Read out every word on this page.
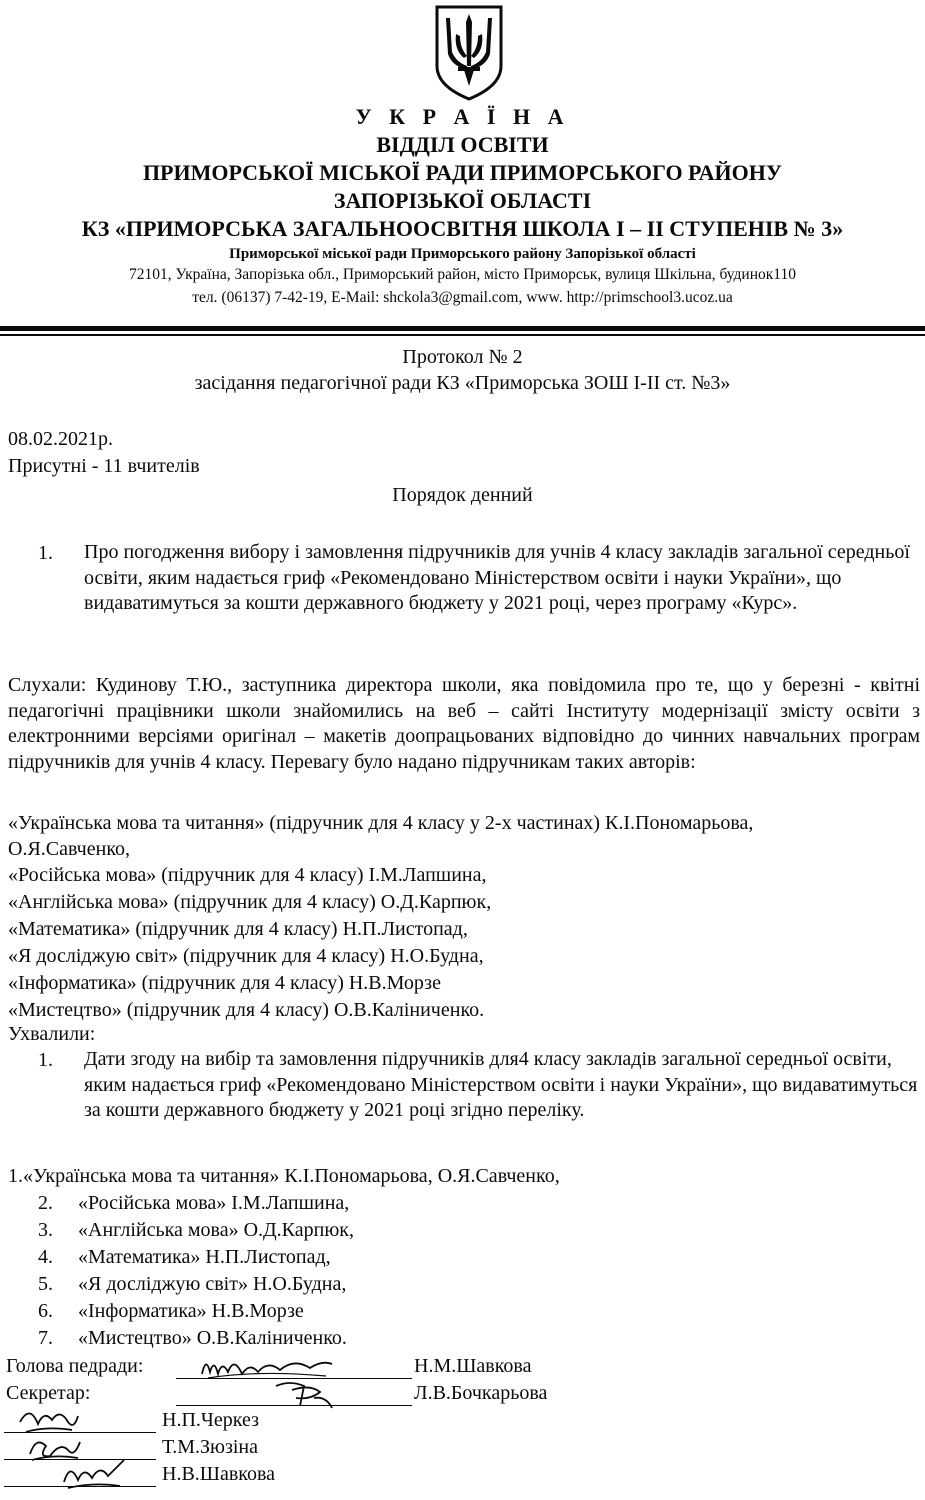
У К Р А Ї Н А
ВІДДІЛ ОСВІТИ
ПРИМОРСЬКОЇ МІСЬКОЇ РАДИ ПРИМОРСЬКОГО РАЙОНУ
ЗАПОРІЗЬКОЇ ОБЛАСТІ
КЗ «ПРИМОРСЬКА ЗАГАЛЬНООСВІТНЯ ШКОЛА І – ІІ СТУПЕНІВ № 3»
Приморської міської ради Приморського району Запорізької області
72101, Україна, Запорізька обл., Приморський район, місто Приморськ, вулиця Шкільна, будинок110
тел. (06137) 7-42-19, E-Mail: shckola3@gmail.com, www. http://primschool3.ucoz.ua
Протокол № 2
засідання педагогічної ради КЗ «Приморська ЗОШ І-ІІ ст. №3»
08.02.2021р.
Присутні - 11 вчителів
Порядок денний
1. Про погодження вибору і замовлення підручників для учнів 4 класу закладів загальної середньої освіти, яким надається гриф «Рекомендовано Міністерством освіти і науки України», що видаватимуться за кошти державного бюджету у 2021 році, через програму «Курс».
Слухали: Кудинову Т.Ю., заступника директора школи, яка повідомила про те, що у березні - квітні педагогічні працівники школи знайомились на веб – сайті Інституту модернізації змісту освіти з електронними версіями оригінал – макетів доопрацьованих відповідно до чинних навчальних програм підручників для учнів 4 класу. Перевагу було надано підручникам таких авторів:
«Українська мова та читання» (підручник для 4 класу у 2-х частинах) К.І.Пономарьова,
О.Я.Савченко,
«Російська мова» (підручник для 4 класу) І.М.Лапшина,
«Англійська мова» (підручник для 4 класу) О.Д.Карпюк,
«Математика» (підручник для 4 класу) Н.П.Листопад,
«Я досліджую світ» (підручник для 4 класу) Н.О.Будна,
«Інформатика» (підручник для 4 класу) Н.В.Морзе
«Мистецтво» (підручник для 4 класу) О.В.Каліниченко.
Ухвалили:
1. Дати згоду на вибір та замовлення підручників для4 класу закладів загальної середньої освіти, яким надається гриф «Рекомендовано Міністерством освіти і науки України», що видаватимуться за кошти державного бюджету у 2021 році згідно переліку.
1.«Українська мова та читання» К.І.Пономарьова, О.Я.Савченко,
2. «Російська мова» І.М.Лапшина,
3. «Англійська мова» О.Д.Карпюк,
4. «Математика» Н.П.Листопад,
5. «Я досліджую світ» Н.О.Будна,
6. «Інформатика» Н.В.Морзе
7. «Мистецтво» О.В.Каліниченко.
Голова педради:	Н.М.Шавкова
Секретар:	Л.В.Бочкарьова
Н.П.Черкез
Т.М.Зюзіна
Н.В.Шавкова
